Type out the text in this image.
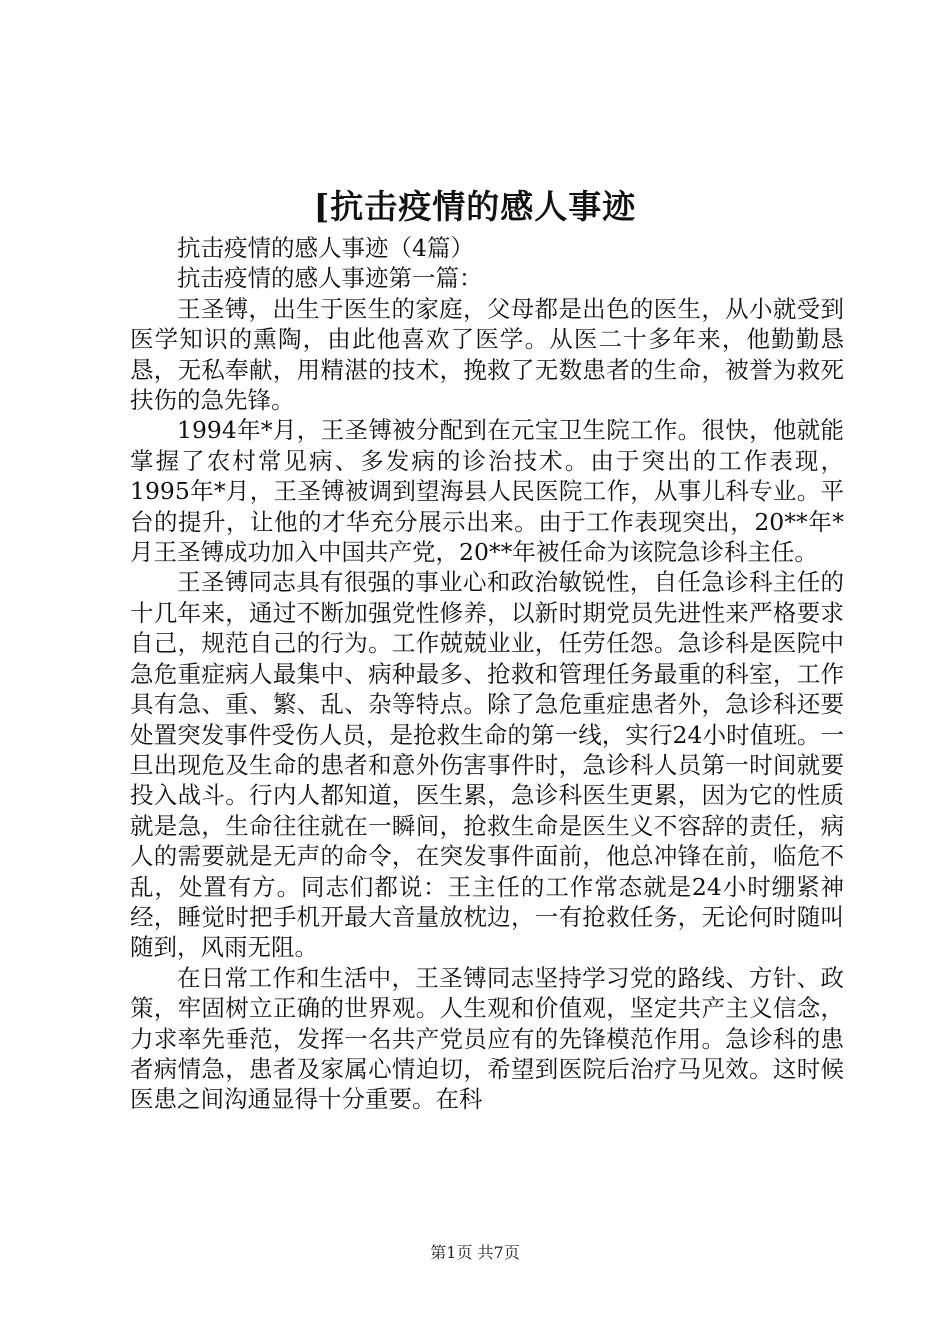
[抗击疫情的感人事迹

抗击疫情的感人事迹（4篇）

抗击疫情的感人事迹第一篇：

王圣镈，出生于医生的家庭，父母都是出色的医生，从小就受到医学知识的熏陶，由此他喜欢了医学。从医二十多年来，他勤勤恳恳，无私奉献，用精湛的技术，挽救了无数患者的生命，被誉为救死扶伤的急先锋。

1994年*月，王圣镈被分配到在元宝卫生院工作。很快，他就能掌握了农村常见病、多发病的诊治技术。由于突出的工作表现，1995年*月，王圣镈被调到望海县人民医院工作，从事儿科专业。平台的提升，让他的才华充分展示出来。由于工作表现突出，20**年*月王圣镈成功加入中国共产党，20**年被任命为该院急诊科主任。

王圣镈同志具有很强的事业心和政治敏锐性，自任急诊科主任的十几年来，通过不断加强党性修养，以新时期党员先进性来严格要求自己，规范自己的行为。工作兢兢业业，任劳任怨。急诊科是医院中急危重症病人最集中、病种最多、抢救和管理任务最重的科室，工作具有急、重、繁、乱、杂等特点。除了急危重症患者外，急诊科还要处置突发事件受伤人员，是抢救生命的第一线，实行24小时值班。一旦出现危及生命的患者和意外伤害事件时，急诊科人员第一时间就要投入战斗。行内人都知道，医生累，急诊科医生更累，因为它的性质就是急，生命往往就在一瞬间，抢救生命是医生义不容辞的责任，病人的需要就是无声的命令，在突发事件面前，他总冲锋在前，临危不乱，处置有方。同志们都说：王主任的工作常态就是24小时绷紧神经，睡觉时把手机开最大音量放枕边，一有抢救任务，无论何时随叫随到，风雨无阻。

在日常工作和生活中，王圣镈同志坚持学习党的路线、方针、政策，牢固树立正确的世界观。人生观和价值观，坚定共产主义信念，力求率先垂范，发挥一名共产党员应有的先锋模范作用。急诊科的患者病情急，患者及家属心情迫切，希望到医院后治疗马见效。这时候医患之间沟通显得十分重要。在科

第1页 共7页
